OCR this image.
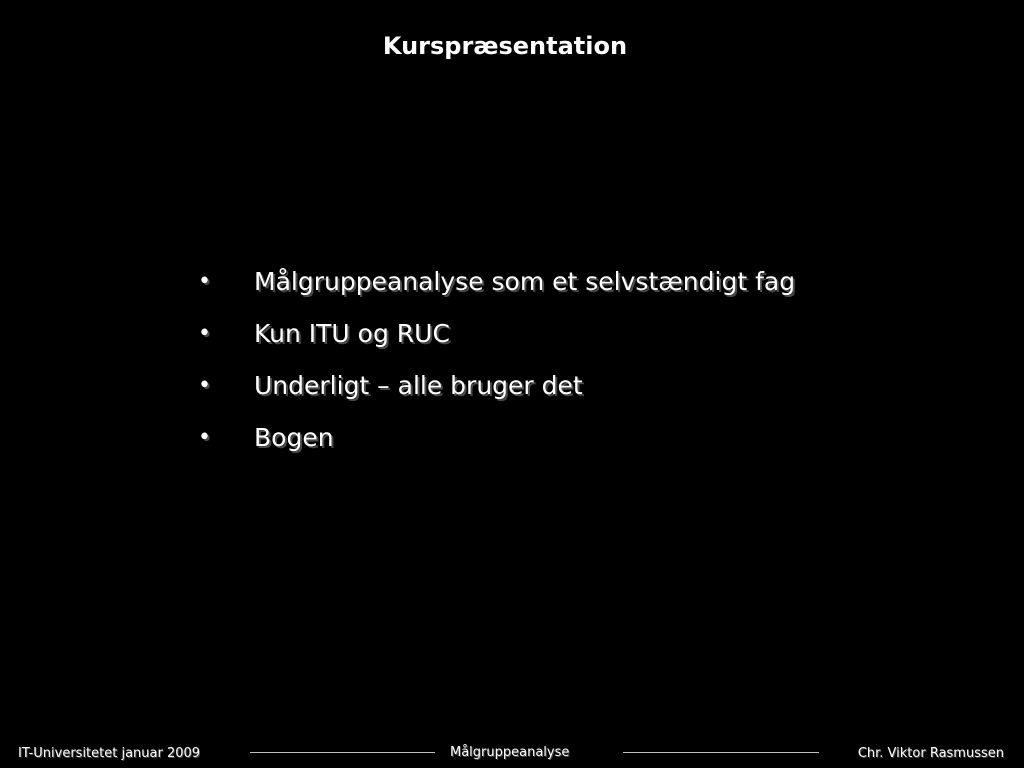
Kurspræsentation
•	Målgruppeanalyse som et selvstændigt fag
•	Kun ITU og RUC
•	Underligt – alle bruger det
•	Bogen
IT-Universitetet januar 2009	Målgruppeanalyse	Chr. Viktor Rasmussen
